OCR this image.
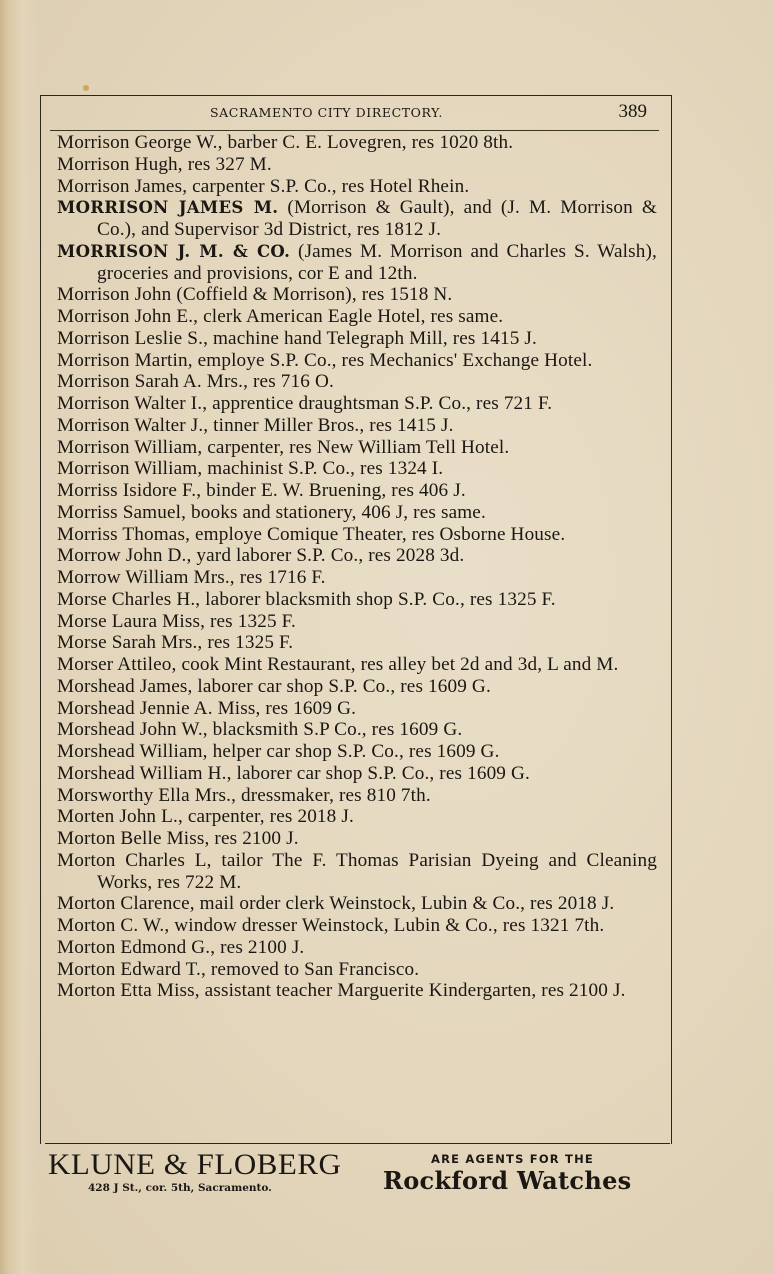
SACRAMENTO CITY DIRECTORY.	389

Morrison George W., barber C. E. Lovegren, res 1020 8th.

Morrison Hugh, res 327 M.

Morrison James, carpenter S.P. Co., res Hotel Rhein.

MORRISON JAMES M. (Morrison & Gault), and (J. M. Morrison & Co.), and Supervisor 3d District, res 1812 J.

MORRISON J. M. & CO. (James M. Morrison and Charles S. Walsh), groceries and provisions, cor E and 12th.

Morrison John (Coffield & Morrison), res 1518 N.

Morrison John E., clerk American Eagle Hotel, res same.

Morrison Leslie S., machine hand Telegraph Mill, res 1415 J.

Morrison Martin, employe S.P. Co., res Mechanics' Exchange Hotel.

Morrison Sarah A. Mrs., res 716 O.

Morrison Walter I., apprentice draughtsman S.P. Co., res 721 F.

Morrison Walter J., tinner Miller Bros., res 1415 J.

Morrison William, carpenter, res New William Tell Hotel.

Morrison William, machinist S.P. Co., res 1324 I.

Morriss Isidore F., binder E. W. Bruening, res 406 J.

Morriss Samuel, books and stationery, 406 J, res same.

Morriss Thomas, employe Comique Theater, res Osborne House.

Morrow John D., yard laborer S.P. Co., res 2028 3d.

Morrow William Mrs., res 1716 F.

Morse Charles H., laborer blacksmith shop S.P. Co., res 1325 F.

Morse Laura Miss, res 1325 F.

Morse Sarah Mrs., res 1325 F.

Morser Attileo, cook Mint Restaurant, res alley bet 2d and 3d, L and M.

Morshead James, laborer car shop S.P. Co., res 1609 G.

Morshead Jennie A. Miss, res 1609 G.

Morshead John W., blacksmith S.P Co., res 1609 G.

Morshead William, helper car shop S.P. Co., res 1609 G.

Morshead William H., laborer car shop S.P. Co., res 1609 G.

Morsworthy Ella Mrs., dressmaker, res 810 7th.

Morten John L., carpenter, res 2018 J.

Morton Belle Miss, res 2100 J.

Morton Charles L, tailor The F. Thomas Parisian Dyeing and Cleaning Works, res 722 M.

Morton Clarence, mail order clerk Weinstock, Lubin & Co., res 2018 J.

Morton C. W., window dresser Weinstock, Lubin & Co., res 1321 7th.

Morton Edmond G., res 2100 J.

Morton Edward T., removed to San Francisco.

Morton Etta Miss, assistant teacher Marguerite Kindergarten, res 2100 J.

KLUNE & FLOBERG
428 J St., cor. 5th, Sacramento.
ARE AGENTS FOR THE
Rockford Watches
